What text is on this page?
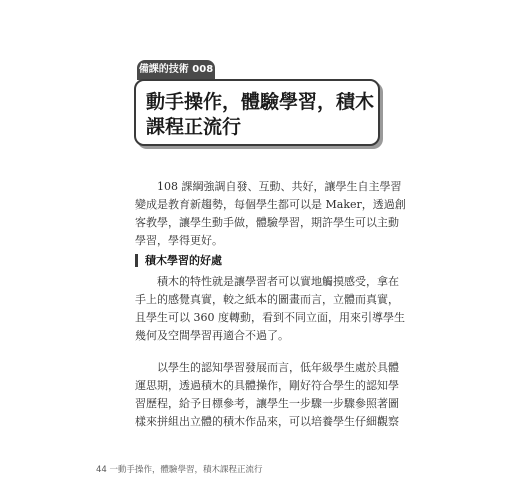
備課的技術 008
動手操作，體驗學習，積木
課程正流行
108 課綱強調自發、互動、共好，讓學生自主學習
變成是教育新趨勢，每個學生都可以是 Maker，透過創
客教學，讓學生動手做，體驗學習，期許學生可以主動
學習，學得更好。
積木學習的好處
積木的特性就是讓學習者可以實地觸摸感受，拿在
手上的感覺真實，較之紙本的圖畫而言，立體而真實，
且學生可以 360 度轉動，看到不同立面，用來引導學生
幾何及空間學習再適合不過了。
以學生的認知學習發展而言，低年級學生處於具體
運思期，透過積木的具體操作，剛好符合學生的認知學
習歷程，給予目標參考，讓學生一步驟一步驟參照著圖
樣來拼組出立體的積木作品來，可以培養學生仔細觀察
44 一動手操作，體驗學習，積木課程正流行
